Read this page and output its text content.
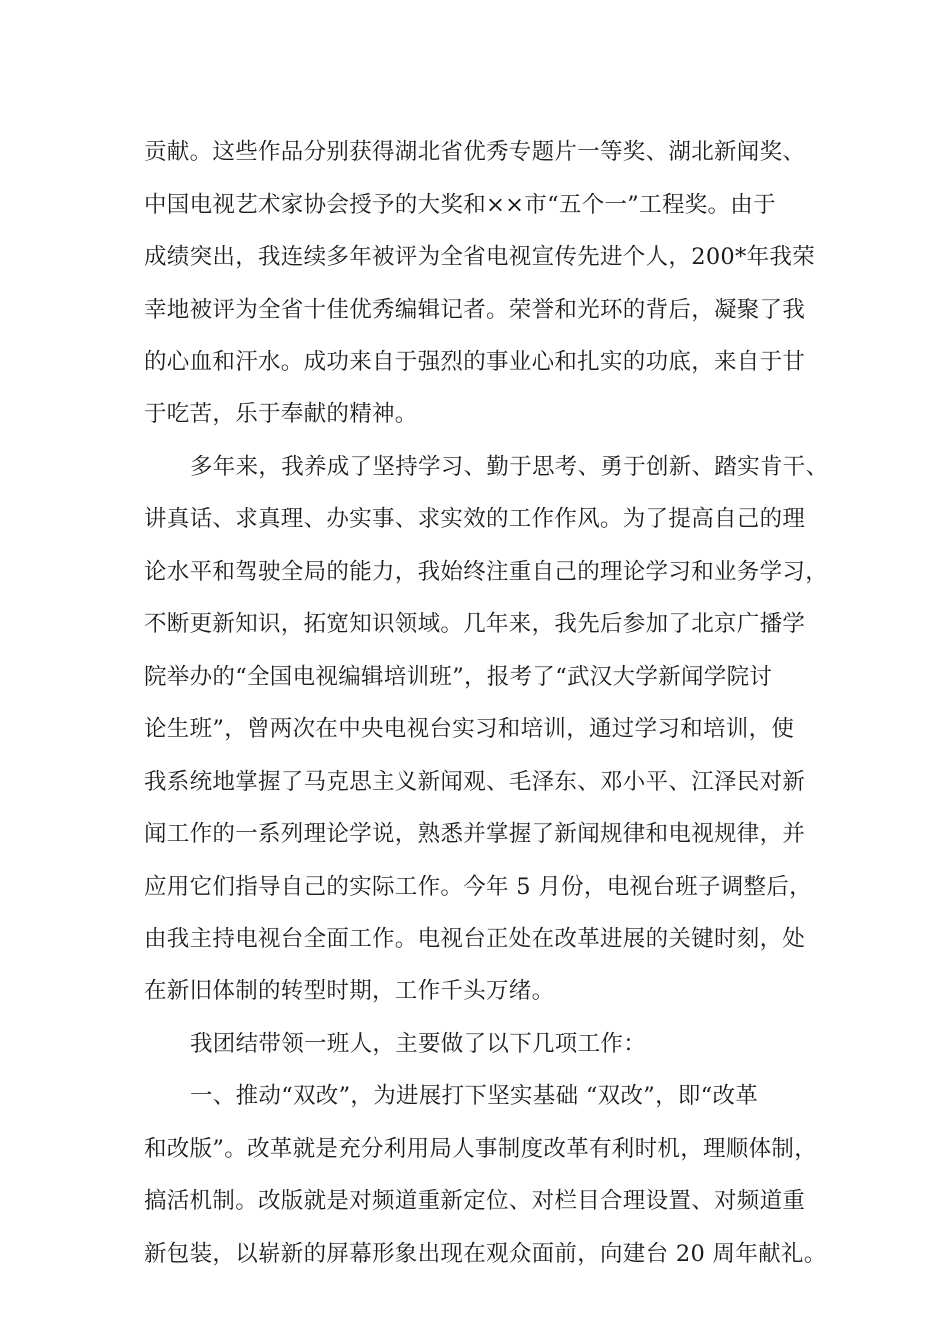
贡献。这些作品分别获得湖北省优秀专题片一等奖、湖北新闻奖、
中国电视艺术家协会授予的大奖和××市“五个一”工程奖。由于
成绩突出，我连续多年被评为全省电视宣传先进个人，200*年我荣
幸地被评为全省十佳优秀编辑记者。荣誉和光环的背后，凝聚了我
的心血和汗水。成功来自于强烈的事业心和扎实的功底，来自于甘
于吃苦，乐于奉献的精神。
多年来，我养成了坚持学习、勤于思考、勇于创新、踏实肯干、
讲真话、求真理、办实事、求实效的工作作风。为了提高自己的理
论水平和驾驶全局的能力，我始终注重自己的理论学习和业务学习，
不断更新知识，拓宽知识领域。几年来，我先后参加了北京广播学
院举办的“全国电视编辑培训班”，报考了“武汉大学新闻学院讨
论生班”，曾两次在中央电视台实习和培训，通过学习和培训，使
我系统地掌握了马克思主义新闻观、毛泽东、邓小平、江泽民对新
闻工作的一系列理论学说，熟悉并掌握了新闻规律和电视规律，并
应用它们指导自己的实际工作。今年 5 月份，电视台班子调整后，
由我主持电视台全面工作。电视台正处在改革进展的关键时刻，处
在新旧体制的转型时期，工作千头万绪。
我团结带领一班人，主要做了以下几项工作：
一、推动“双改”，为进展打下坚实基础 “双改”，即“改革
和改版”。改革就是充分利用局人事制度改革有利时机，理顺体制，
搞活机制。改版就是对频道重新定位、对栏目合理设置、对频道重
新包装，以崭新的屏幕形象出现在观众面前，向建台 20 周年献礼。
